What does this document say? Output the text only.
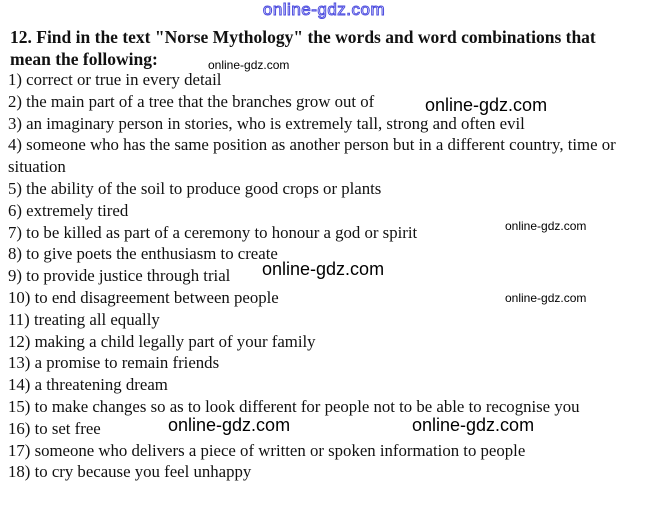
online-gdz.com
12. Find in the text "Norse Mythology" the words and word combinations that mean the following:
1) correct or true in every detail
2) the main part of a tree that the branches grow out of
3) an imaginary person in stories, who is extremely tall, strong and often evil
4) someone who has the same position as another person but in a different country, time or situation
5) the ability of the soil to produce good crops or plants
6) extremely tired
7) to be killed as part of a ceremony to honour a god or spirit
8) to give poets the enthusiasm to create
9) to provide justice through trial
10) to end disagreement between people
11) treating all equally
12) making a child legally part of your family
13) a promise to remain friends
14) a threatening dream
15) to make changes so as to look different for people not to be able to recognise you
16) to set free
17) someone who delivers a piece of written or spoken information to people
18) to cry because you feel unhappy
online-gdz.com
online-gdz.com
online-gdz.com
online-gdz.com
online-gdz.com
online-gdz.com	online-gdz.com
